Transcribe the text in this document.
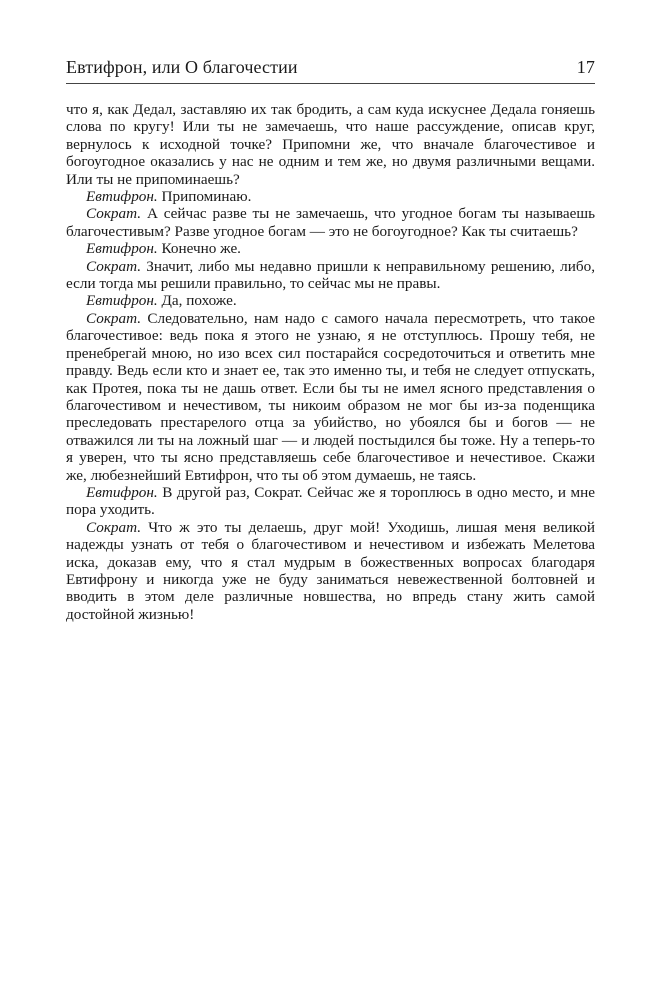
Евтифрон, или О благочестии	17

что я, как Дедал, заставляю их так бродить, а сам куда искуснее Дедала гоняешь слова по кругу! Или ты не замечаешь, что наше рассуждение, описав круг, вернулось к исходной точке? Припомни же, что вначале благочестивое и богоугодное оказались у нас не одним и тем же, но двумя различными вещами. Или ты не припоминаешь?

Евтифрон. Припоминаю.

Сократ. А сейчас разве ты не замечаешь, что угодное богам ты называешь благочестивым? Разве угодное богам — это не богоугодное? Как ты считаешь?

Евтифрон. Конечно же.

Сократ. Значит, либо мы недавно пришли к неправильному решению, либо, если тогда мы решили правильно, то сейчас мы не правы.

Евтифрон. Да, похоже.

Сократ. Следовательно, нам надо с самого начала пересмотреть, что такое благочестивое: ведь пока я этого не узнаю, я не отступлюсь. Прошу тебя, не пренебрегай мною, но изо всех сил постарайся сосредоточиться и ответить мне правду. Ведь если кто и знает ее, так это именно ты, и тебя не следует отпускать, как Протея, пока ты не дашь ответ. Если бы ты не имел ясного представления о благочестивом и нечестивом, ты никоим образом не мог бы из-за поденщика преследовать престарелого отца за убийство, но убоялся бы и богов — не отважился ли ты на ложный шаг — и людей постыдился бы тоже. Ну а теперь-то я уверен, что ты ясно представляешь себе благочестивое и нечестивое. Скажи же, любезнейший Евтифрон, что ты об этом думаешь, не таясь.

Евтифрон. В другой раз, Сократ. Сейчас же я тороплюсь в одно место, и мне пора уходить.

Сократ. Что ж это ты делаешь, друг мой! Уходишь, лишая меня великой надежды узнать от тебя о благочестивом и нечестивом и избежать Мелетова иска, доказав ему, что я стал мудрым в божественных вопросах благодаря Евтифрону и никогда уже не буду заниматься невежественной болтовней и вводить в этом деле различные новшества, но впредь стану жить самой достойной жизнью!
